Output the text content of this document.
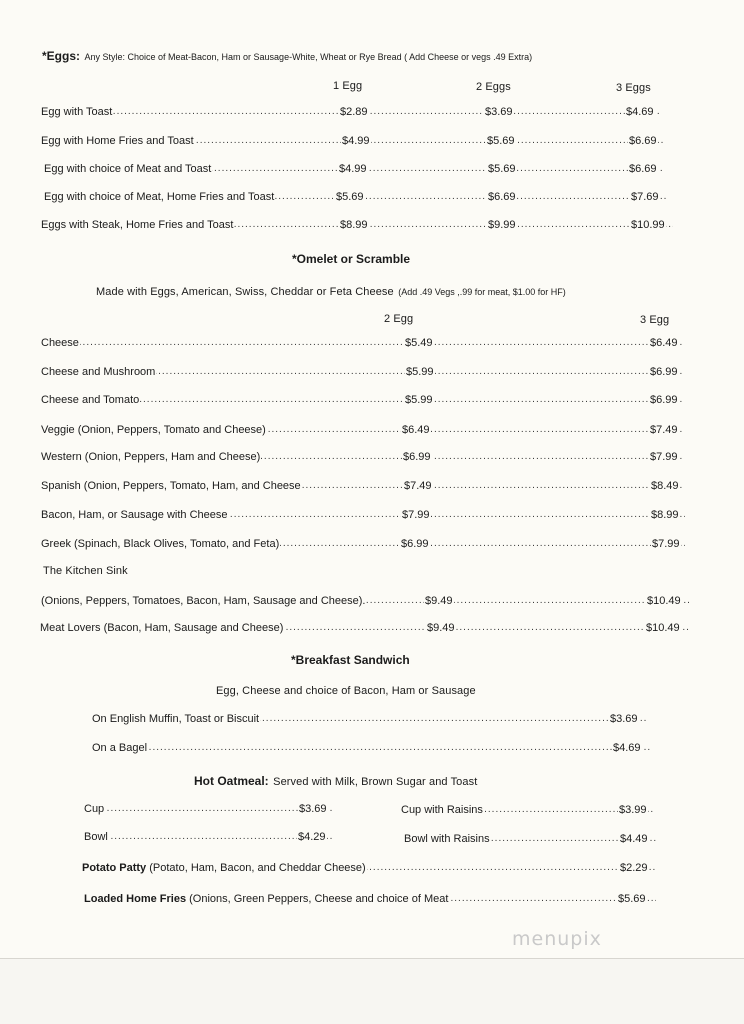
*Eggs: Any Style: Choice of Meat-Bacon, Ham or Sausage-White, Wheat or Rye Bread ( Add Cheese or vegs .49 Extra)
1 Egg	2 Eggs	3 Eggs
Egg with Toast .....	$2.89	$3.69	$4.69
Egg with Home Fries and Toast .....	$4.99	$5.69	$6.69
Egg with choice of Meat and Toast .....	$4.99	$5.69	$6.69
Egg with choice of Meat, Home Fries and Toast .....	$5.69	$6.69	$7.69
Eggs with Steak, Home Fries and Toast .....	$8.99	$9.99	$10.99
*Omelet or Scramble
Made with Eggs, American, Swiss, Cheddar or Feta Cheese (Add .49 Vegs ,.99 for meat, $1.00 for HF)
2 Egg	3 Egg
Cheese .....	$5.49	$6.49
Cheese and Mushroom .....	$5.99	$6.99
Cheese and Tomato .....	$5.99	$6.99
Veggie (Onion, Peppers, Tomato and Cheese) .....	$6.49	$7.49
Western (Onion, Peppers, Ham and Cheese) .....	$6.99	$7.99
Spanish (Onion, Peppers, Tomato, Ham, and Cheese .....	$7.49	$8.49
Bacon, Ham, or Sausage with Cheese .....	$7.99	$8.99
Greek (Spinach, Black Olives, Tomato, and Feta) .....	$6.99	$7.99
The Kitchen Sink
(Onions, Peppers, Tomatoes, Bacon, Ham, Sausage and Cheese). .....	$9.49	$10.49
Meat Lovers (Bacon, Ham, Sausage and Cheese) .....	$9.49	$10.49
*Breakfast Sandwich
Egg, Cheese and choice of Bacon, Ham or Sausage
On English Muffin, Toast or Biscuit .....	$3.69
On a Bagel .....	$4.69
Hot Oatmeal: Served with Milk, Brown Sugar and Toast
Cup .....	$3.69	Cup with Raisins .....	$3.99
Bowl .....	$4.29	Bowl with Raisins .....	$4.49
Potato Patty (Potato, Ham, Bacon, and Cheddar Cheese) .....	$2.29
Loaded Home Fries (Onions, Green Peppers, Cheese and choice of Meat .....	$5.69
menupix
